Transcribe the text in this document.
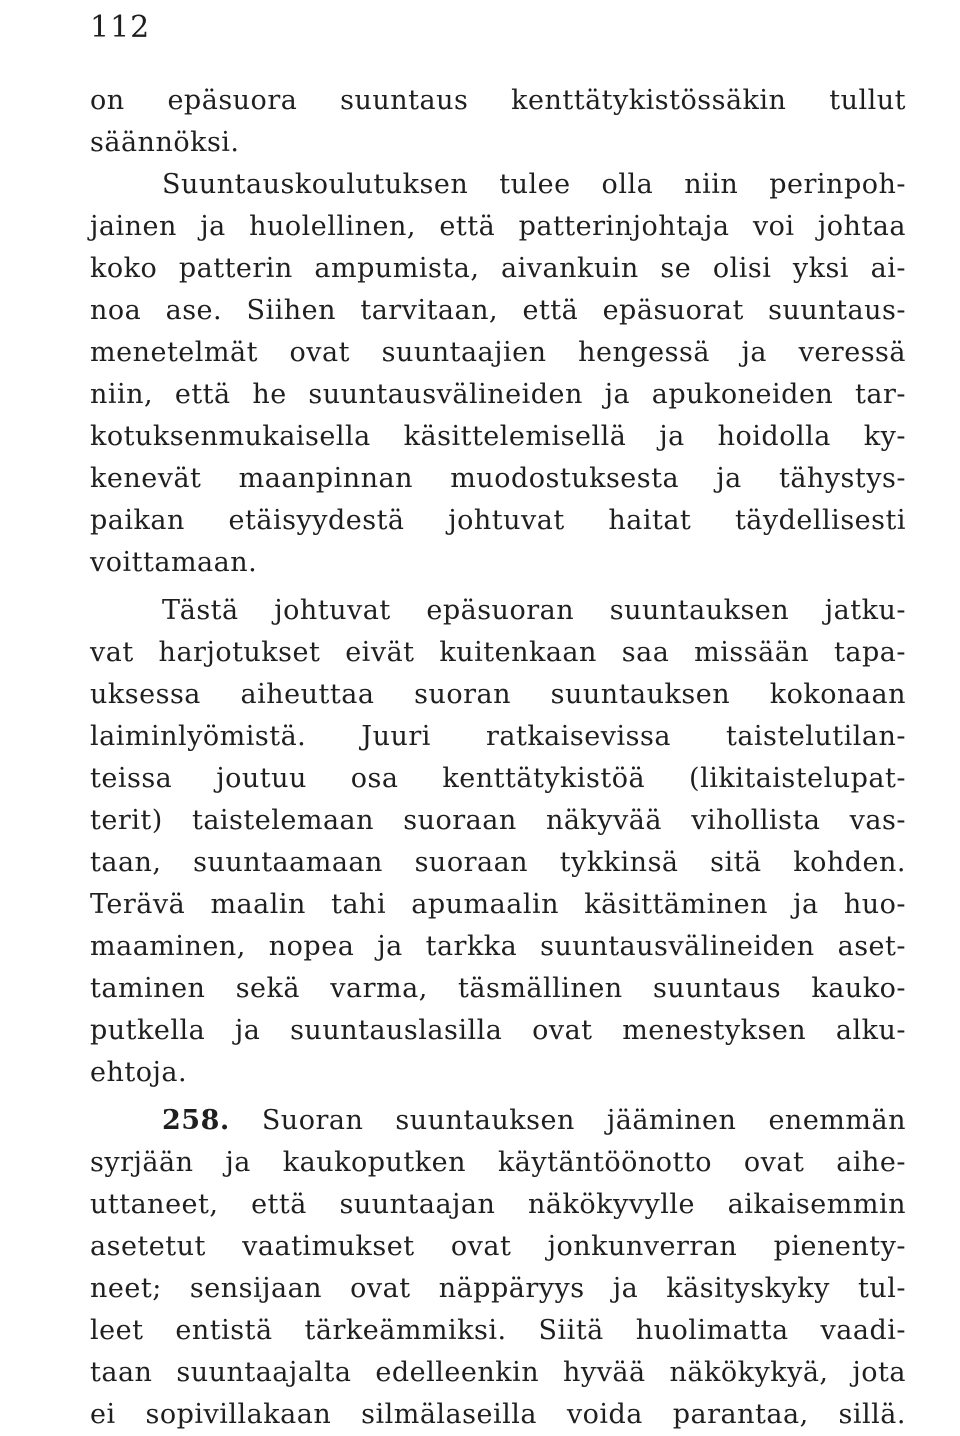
112
on epäsuora suuntaus kenttätykistössäkin tullut
säännöksi.
Suuntauskoulutuksen tulee olla niin perinpoh-
jainen ja huolellinen, että patterinjohtaja voi johtaa
koko patterin ampumista, aivankuin se olisi yksi ai-
noa ase. Siihen tarvitaan, että epäsuorat suuntaus-
menetelmät ovat suuntaajien hengessä ja veressä
niin, että he suuntausvälineiden ja apukoneiden tar-
kotuksenmukaisella käsittelemisellä ja hoidolla ky-
kenevät maanpinnan muodostuksesta ja tähystys-
paikan etäisyydestä johtuvat haitat täydellisesti
voittamaan.
Tästä johtuvat epäsuoran suuntauksen jatku-
vat harjotukset eivät kuitenkaan saa missään tapa-
uksessa aiheuttaa suoran suuntauksen kokonaan
laiminlyömistä. Juuri ratkaisevissa taistelutilan-
teissa joutuu osa kenttätykistöä (likitaistelupat-
terit) taistelemaan suoraan näkyvää vihollista vas-
taan, suuntaamaan suoraan tykkinsä sitä kohden.
Terävä maalin tahi apumaalin käsittäminen ja huo-
maaminen, nopea ja tarkka suuntausvälineiden aset-
taminen sekä varma, täsmällinen suuntaus kauko-
putkella ja suuntauslasilla ovat menestyksen alku-
ehtoja.
258. Suoran suuntauksen jääminen enemmän
syrjään ja kaukoputken käytäntöönotto ovat aihe-
uttaneet, että suuntaajan näkökyvylle aikaisemmin
asetetut vaatimukset ovat jonkunverran pienenty-
neet; sensijaan ovat näppäryys ja käsityskyky tul-
leet entistä tärkeämmiksi. Siitä huolimatta vaadi-
taan suuntaajalta edelleenkin hyvää näkökykyä, jota
ei sopivillakaan silmälaseilla voida parantaa, sillä.
